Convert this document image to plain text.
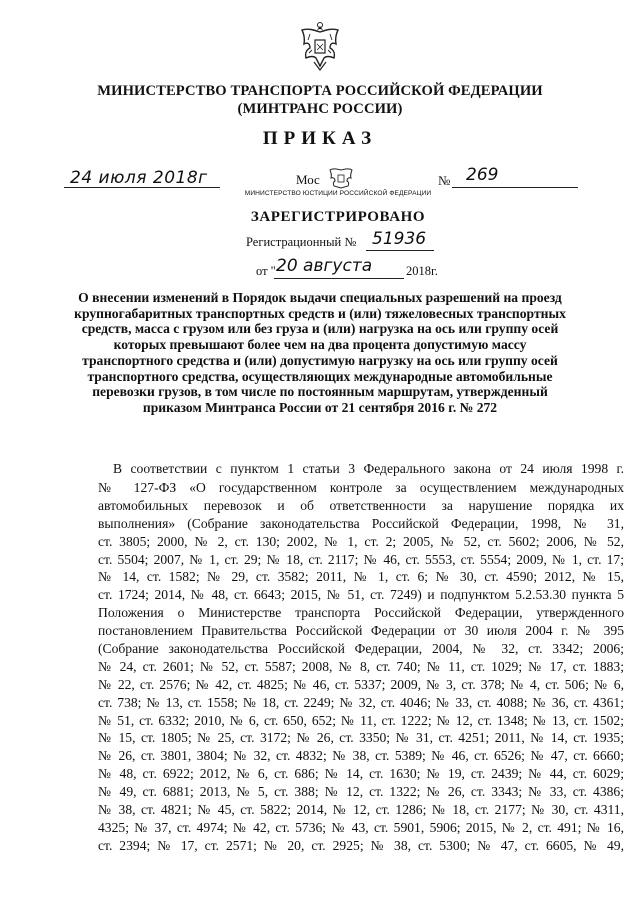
МИНИСТЕРСТВО ТРАНСПОРТА РОССИЙСКОЙ ФЕДЕРАЦИИ
(МИНТРАНС РОССИИ)
ПРИКАЗ
24 июля 2018г	Мос	№ 269
МИНИСТЕРСТВО ЮСТИЦИИ РОССИЙСКОЙ ФЕДЕРАЦИИ
ЗАРЕГИСТРИРОВАНО
Регистрационный № 51936
от " 20 августа	2018г.
О внесении изменений в Порядок выдачи специальных разрешений на проезд
крупногабаритных транспортных средств и (или) тяжеловесных транспортных
средств, масса с грузом или без груза и (или) нагрузка на ось или группу осей
которых превышают более чем на два процента допустимую массу
транспортного средства и (или) допустимую нагрузку на ось или группу осей
транспортного средства, осуществляющих международные автомобильные
перевозки грузов, в том числе по постоянным маршрутам, утвержденный
приказом Минтранса России от 21 сентября 2016 г. № 272
В соответствии с пунктом 1 статьи 3 Федерального закона от 24 июля 1998 г.
№ 127-ФЗ «О государственном контроле за осуществлением международных
автомобильных перевозок и об ответственности за нарушение порядка их
выполнения» (Собрание законодательства Российской Федерации, 1998, № 31,
ст. 3805; 2000, № 2, ст. 130; 2002, № 1, ст. 2; 2005, № 52, ст. 5602; 2006, № 52,
ст. 5504; 2007, № 1, ст. 29; № 18, ст. 2117; № 46, ст. 5553, ст. 5554; 2009, № 1, ст. 17;
№ 14, ст. 1582; № 29, ст. 3582; 2011, № 1, ст. 6; № 30, ст. 4590; 2012, № 15,
ст. 1724; 2014, № 48, ст. 6643; 2015, № 51, ст. 7249) и подпунктом 5.2.53.30 пункта 5
Положения о Министерстве транспорта Российской Федерации, утвержденного
постановлением Правительства Российской Федерации от 30 июля 2004 г. № 395
(Собрание законодательства Российской Федерации, 2004, № 32, ст. 3342; 2006;
№ 24, ст. 2601; № 52, ст. 5587; 2008, № 8, ст. 740; № 11, ст. 1029; № 17, ст. 1883;
№ 22, ст. 2576; № 42, ст. 4825; № 46, ст. 5337; 2009, № 3, ст. 378; № 4, ст. 506; № 6,
ст. 738; № 13, ст. 1558; № 18, ст. 2249; № 32, ст. 4046; № 33, ст. 4088; № 36, ст. 4361;
№ 51, ст. 6332; 2010, № 6, ст. 650, 652; № 11, ст. 1222; № 12, ст. 1348; № 13, ст. 1502;
№ 15, ст. 1805; № 25, ст. 3172; № 26, ст. 3350; № 31, ст. 4251; 2011, № 14, ст. 1935;
№ 26, ст. 3801, 3804; № 32, ст. 4832; № 38, ст. 5389; № 46, ст. 6526; № 47, ст. 6660;
№ 48, ст. 6922; 2012, № 6, ст. 686; № 14, ст. 1630; № 19, ст. 2439; № 44, ст. 6029;
№ 49, ст. 6881; 2013, № 5, ст. 388; № 12, ст. 1322; № 26, ст. 3343; № 33, ст. 4386;
№ 38, ст. 4821; № 45, ст. 5822; 2014, № 12, ст. 1286; № 18, ст. 2177; № 30, ст. 4311,
4325; № 37, ст. 4974; № 42, ст. 5736; № 43, ст. 5901, 5906; 2015, № 2, ст. 491; № 16,
ст. 2394; № 17, ст. 2571; № 20, ст. 2925; № 38, ст. 5300; № 47, ст. 6605, № 49,
